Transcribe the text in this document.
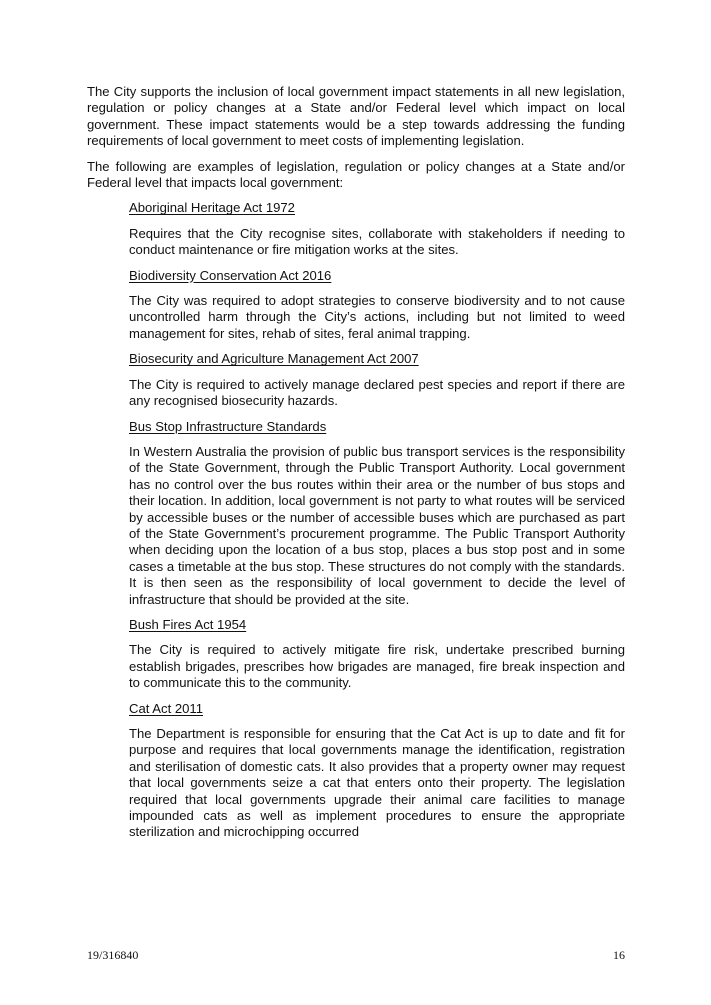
The City supports the inclusion of local government impact statements in all new legislation, regulation or policy changes at a State and/or Federal level which impact on local government. These impact statements would be a step towards addressing the funding requirements of local government to meet costs of implementing legislation.

The following are examples of legislation, regulation or policy changes at a State and/or Federal level that impacts local government:

Aboriginal Heritage Act 1972

Requires that the City recognise sites, collaborate with stakeholders if needing to conduct maintenance or fire mitigation works at the sites.

Biodiversity Conservation Act 2016

The City was required to adopt strategies to conserve biodiversity and to not cause uncontrolled harm through the City’s actions, including but not limited to weed management for sites, rehab of sites, feral animal trapping.

Biosecurity and Agriculture Management Act 2007

The City is required to actively manage declared pest species and report if there are any recognised biosecurity hazards.

Bus Stop Infrastructure Standards

In Western Australia the provision of public bus transport services is the responsibility of the State Government, through the Public Transport Authority. Local government has no control over the bus routes within their area or the number of bus stops and their location. In addition, local government is not party to what routes will be serviced by accessible buses or the number of accessible buses which are purchased as part of the State Government’s procurement programme. The Public Transport Authority when deciding upon the location of a bus stop, places a bus stop post and in some cases a timetable at the bus stop. These structures do not comply with the standards. It is then seen as the responsibility of local government to decide the level of infrastructure that should be provided at the site.

Bush Fires Act 1954

The City is required to actively mitigate fire risk, undertake prescribed burning establish brigades, prescribes how brigades are managed, fire break inspection and to communicate this to the community.

Cat Act 2011

The Department is responsible for ensuring that the Cat Act is up to date and fit for purpose and requires that local governments manage the identification, registration and sterilisation of domestic cats. It also provides that a property owner may request that local governments seize a cat that enters onto their property. The legislation required that local governments upgrade their animal care facilities to manage impounded cats as well as implement procedures to ensure the appropriate sterilization and microchipping occurred

19/316840	16
